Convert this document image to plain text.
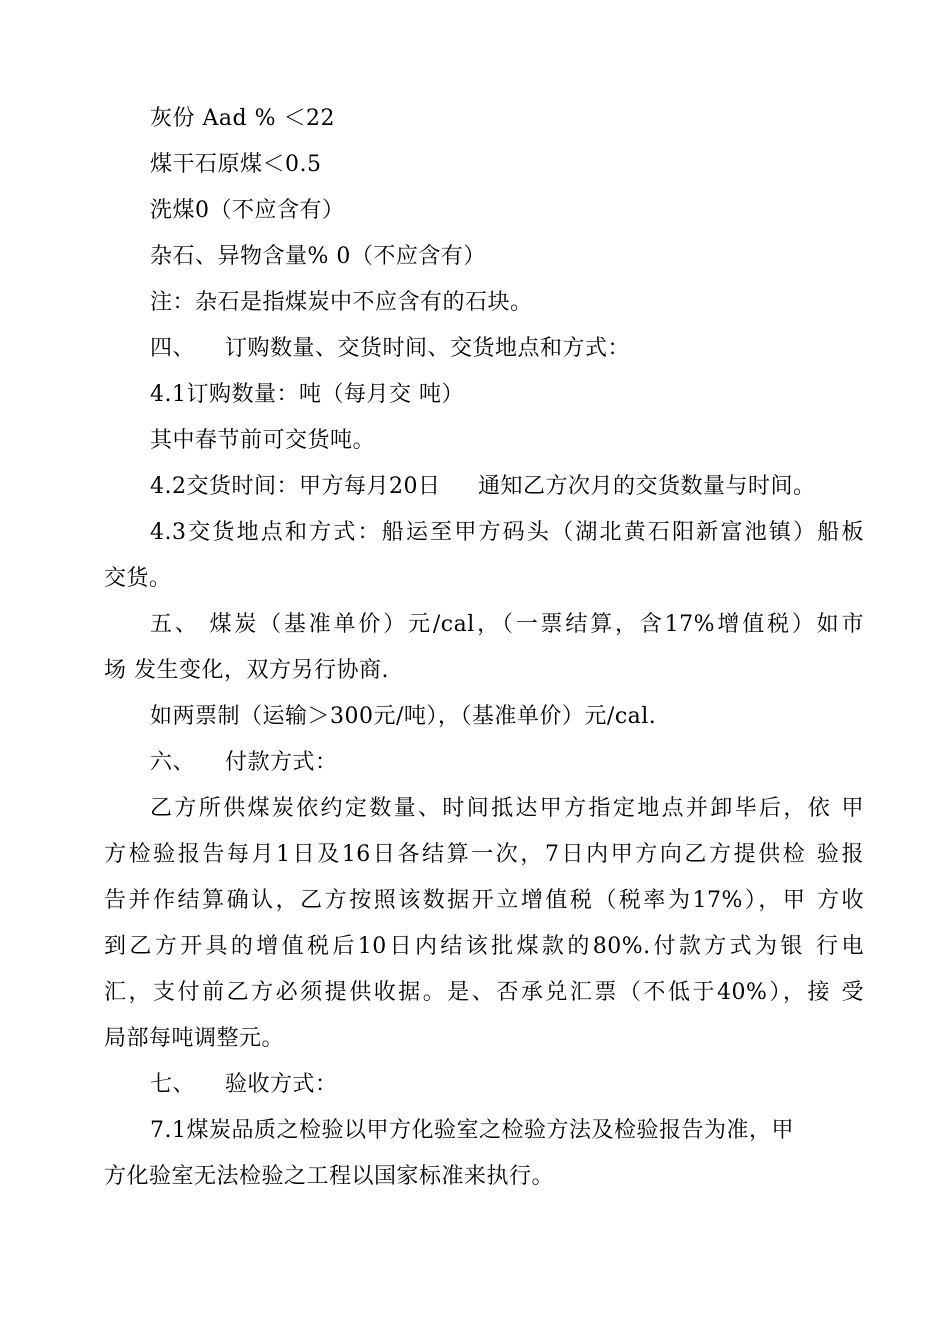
灰份 Aad % ＜22
煤干石原煤＜0.5
洗煤0（不应含有）
杂石、异物含量% 0（不应含有）
注：杂石是指煤炭中不应含有的石块。
四、    订购数量、交货时间、交货地点和方式：
4.1订购数量：吨（每月交 吨）
其中春节前可交货吨。
4.2交货时间：甲方每月20日     通知乙方次月的交货数量与时间。
4.3交货地点和方式：船运至甲方码头（湖北黄石阳新富池镇）船板
交货。
五、 煤炭（基准单价）元/cal，（一票结算，含17%增值税）如市
场 发生变化，双方另行协商.
如两票制（运输＞300元/吨），（基准单价）元/cal.
六、    付款方式：
乙方所供煤炭依约定数量、时间抵达甲方指定地点并卸毕后，依 甲
方检验报告每月1日及16日各结算一次，7日内甲方向乙方提供检 验报
告并作结算确认，乙方按照该数据开立增值税（税率为17%），甲 方收
到乙方开具的增值税后10日内结该批煤款的80%.付款方式为银 行电
汇，支付前乙方必须提供收据。是、否承兑汇票（不低于40%），接 受
局部每吨调整元。
七、    验收方式：
7.1煤炭品质之检验以甲方化验室之检验方法及检验报告为准，甲
方化验室无法检验之工程以国家标准来执行。
